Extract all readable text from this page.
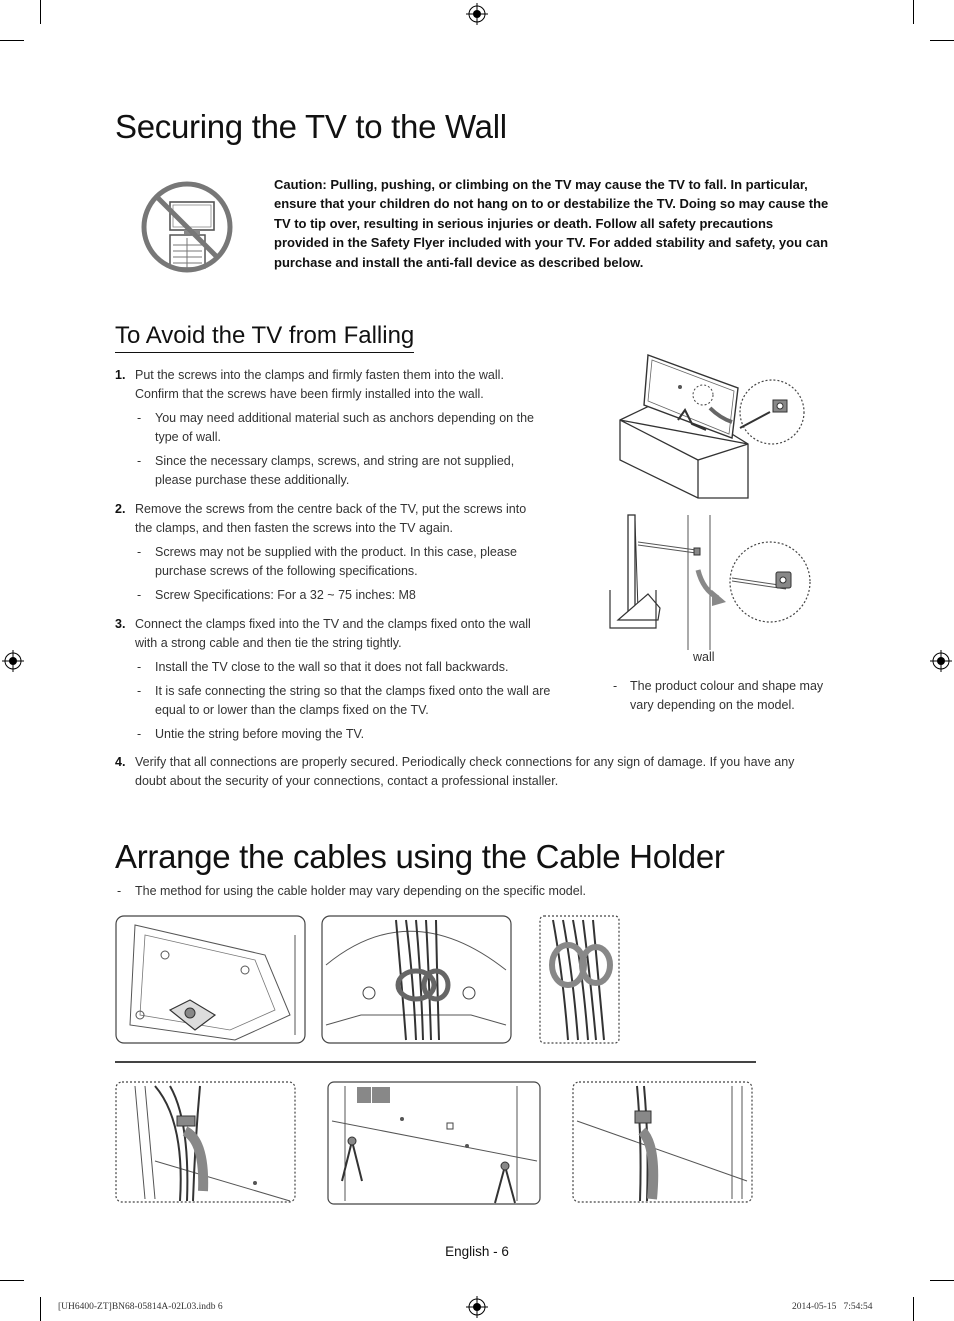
Securing the TV to the Wall
Caution: Pulling, pushing, or climbing on the TV may cause the TV to fall. In particular, ensure that your children do not hang on to or destabilize the TV. Doing so may cause the TV to tip over, resulting in serious injuries or death. Follow all safety precautions provided in the Safety Flyer included with your TV. For added stability and safety, you can purchase and install the anti-fall device as described below.
To Avoid the TV from Falling
1. Put the screws into the clamps and firmly fasten them into the wall.
Confirm that the screws have been firmly installed into the wall.
- You may need additional material such as anchors depending on the
type of wall.
- Since the necessary clamps, screws, and string are not supplied,
please purchase these additionally.
2. Remove the screws from the centre back of the TV, put the screws into
the clamps, and then fasten the screws into the TV again.
- Screws may not be supplied with the product. In this case, please
purchase screws of the following specifications.
- Screw Specifications: For a 32 ~ 75 inches: M8
3. Connect the clamps fixed into the TV and the clamps fixed onto the wall
with a strong cable and then tie the string tightly.
- Install the TV close to the wall so that it does not fall backwards.
- It is safe connecting the string so that the clamps fixed onto the wall are
equal to or lower than the clamps fixed on the TV.
- Untie the string before moving the TV.
4. Verify that all connections are properly secured. Periodically check connections for any sign of damage. If you have any
doubt about the security of your connections, contact a professional installer.
wall
- The product colour and shape may
vary depending on the model.
Arrange the cables using the Cable Holder
- The method for using the cable holder may vary depending on the specific model.
English - 6
[UH6400-ZT]BN68-05814A-02L03.indb 6	2014-05-15   7:54:54
